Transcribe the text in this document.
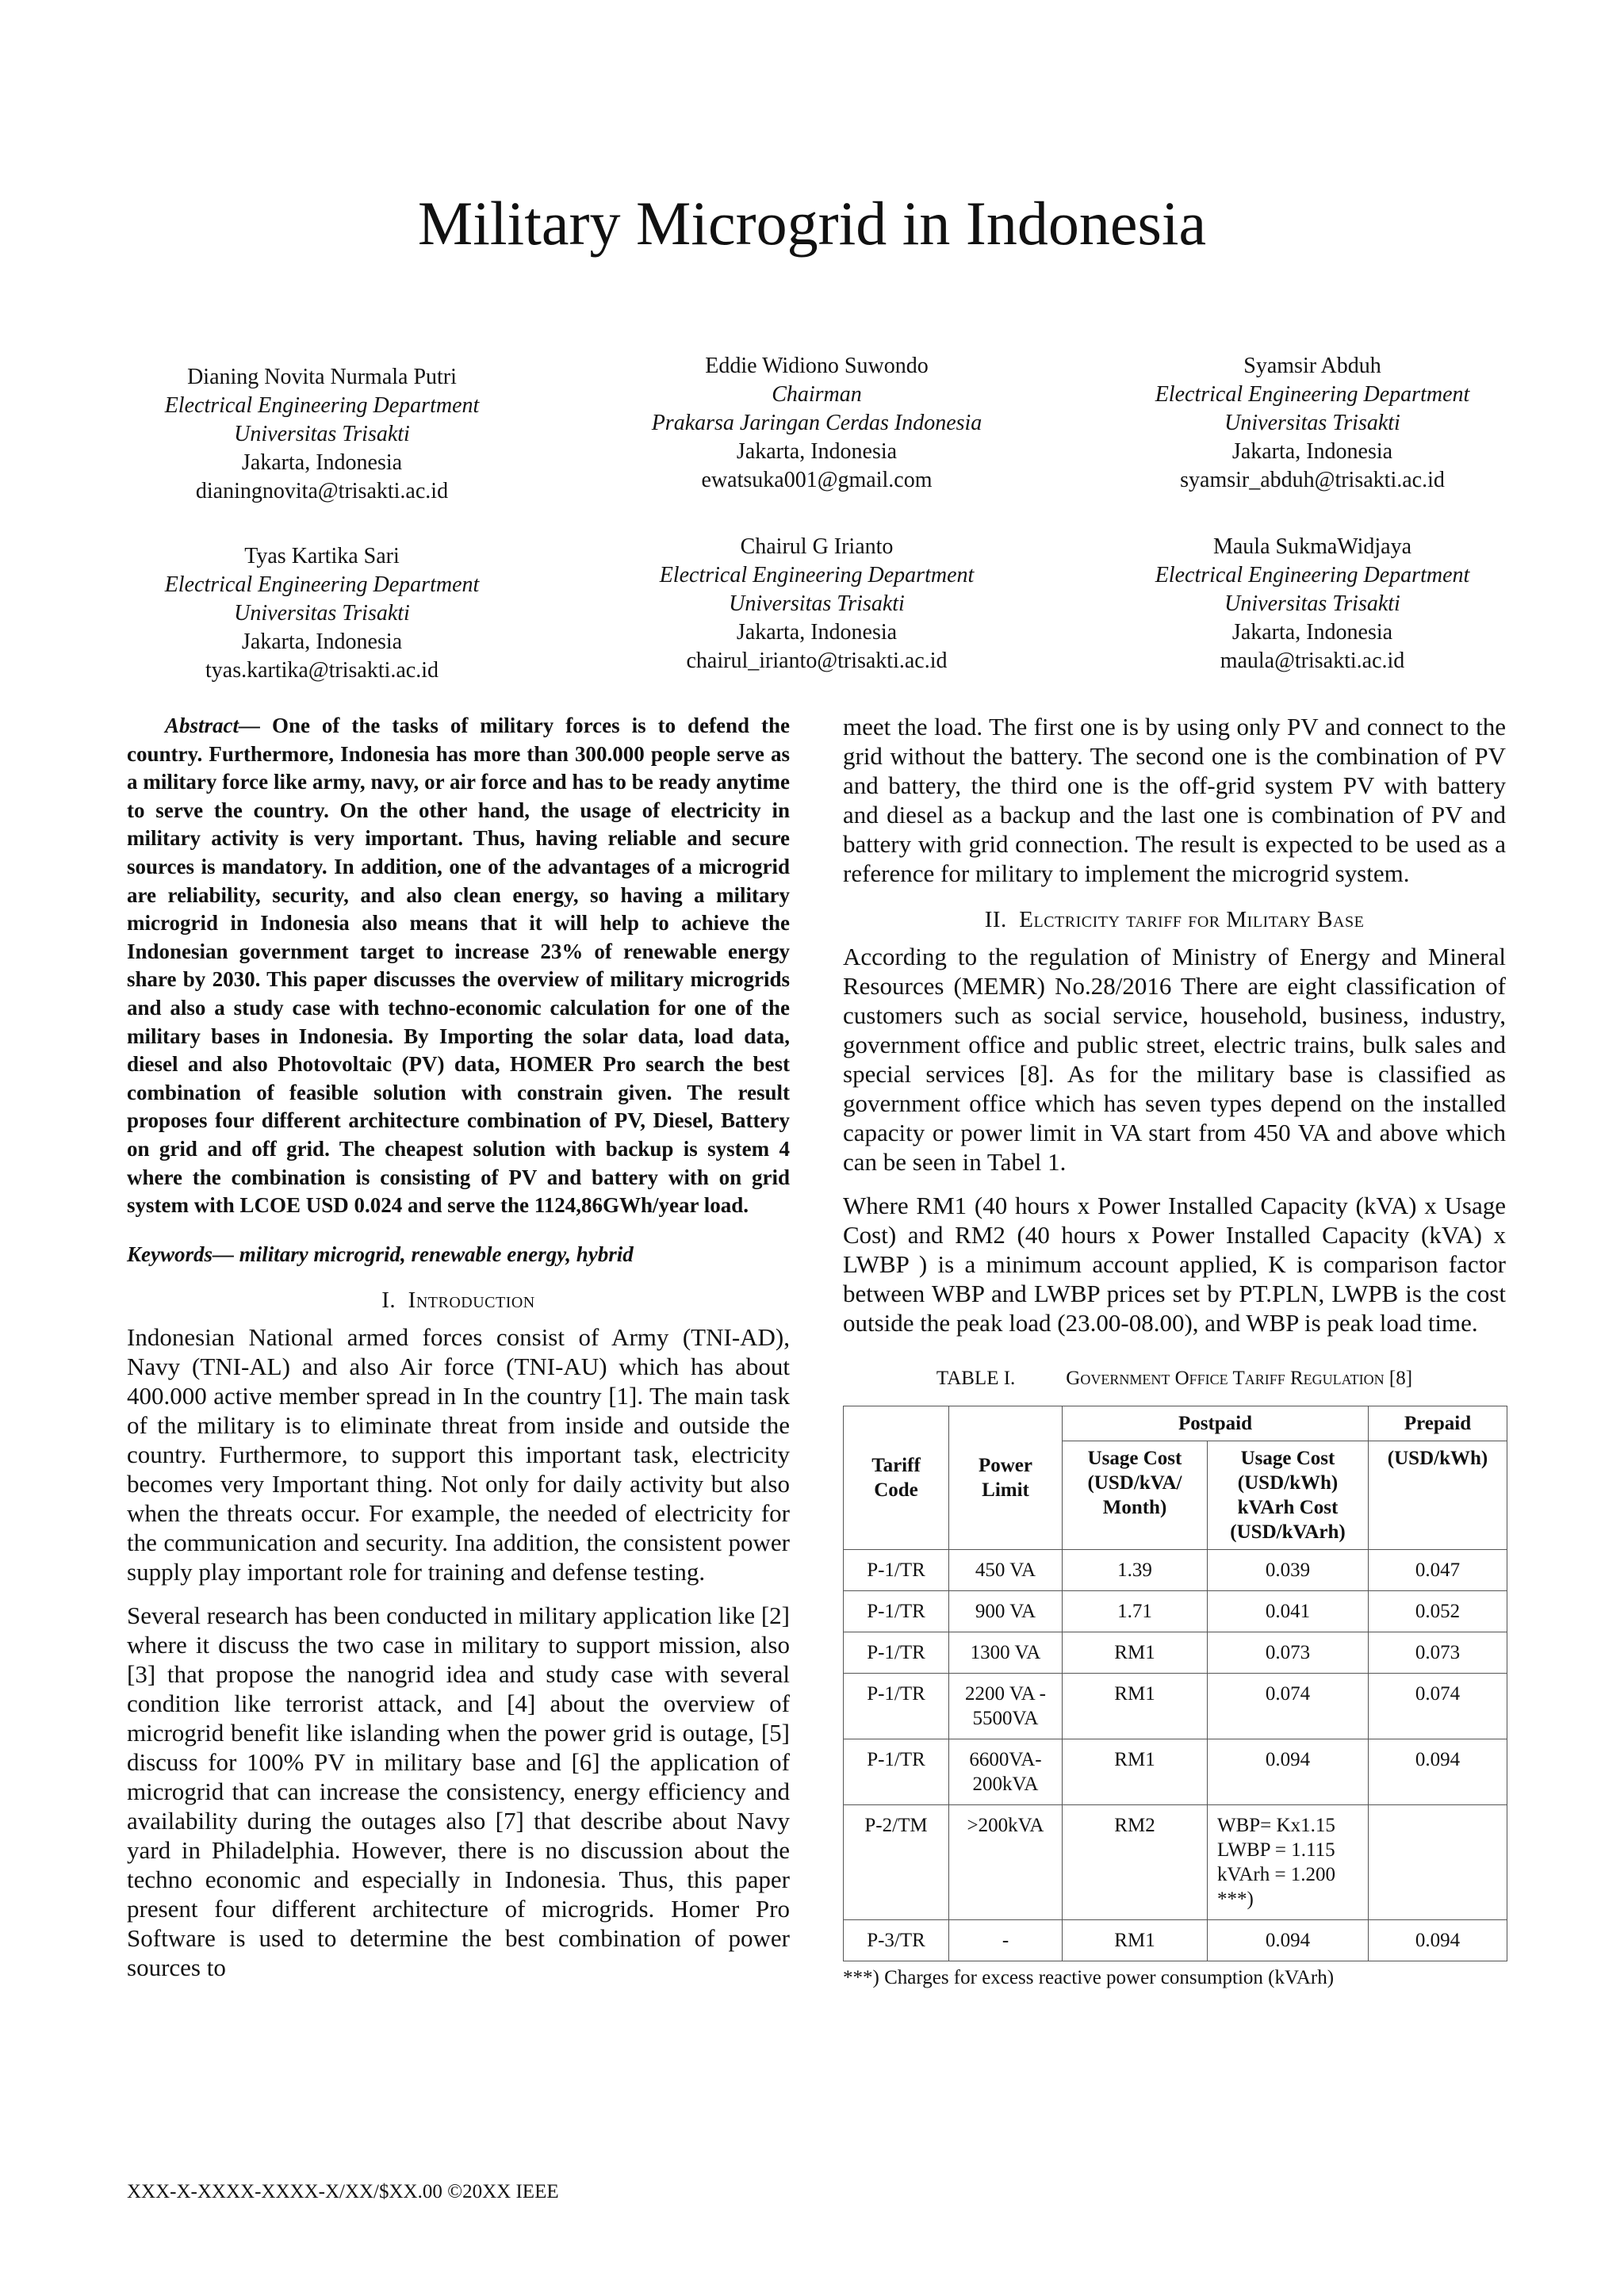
Military Microgrid in Indonesia
Dianing Novita Nurmala Putri
Electrical Engineering Department
Universitas Trisakti
Jakarta, Indonesia
dianingnovita@trisakti.ac.id
Eddie Widiono Suwondo
Chairman
Prakarsa Jaringan Cerdas Indonesia
Jakarta, Indonesia
ewatsuka001@gmail.com
Syamsir Abduh
Electrical Engineering Department
Universitas Trisakti
Jakarta, Indonesia
syamsir_abduh@trisakti.ac.id
Tyas Kartika Sari
Electrical Engineering Department
Universitas Trisakti
Jakarta, Indonesia
tyas.kartika@trisakti.ac.id
Chairul G Irianto
Electrical Engineering Department
Universitas Trisakti
Jakarta, Indonesia
chairul_irianto@trisakti.ac.id
Maula SukmaWidjaya
Electrical Engineering Department
Universitas Trisakti
Jakarta, Indonesia
maula@trisakti.ac.id

Abstract— One of the tasks of military forces is to defend the country. Furthermore, Indonesia has more than 300.000 people serve as a military force like army, navy, or air force and has to be ready anytime to serve the country. On the other hand, the usage of electricity in military activity is very important. Thus, having reliable and secure sources is mandatory. In addition, one of the advantages of a microgrid are reliability, security, and also clean energy, so having a military microgrid in Indonesia also means that it will help to achieve the Indonesian government target to increase 23% of renewable energy share by 2030. This paper discusses the overview of military microgrids and also a study case with techno-economic calculation for one of the military bases in Indonesia. By Importing the solar data, load data, diesel and also Photovoltaic (PV) data, HOMER Pro search the best combination of feasible solution with constrain given. The result proposes four different architecture combination of PV, Diesel, Battery on grid and off grid. The cheapest solution with backup is system 4 where the combination is consisting of PV and battery with on grid system with LCOE USD 0.024 and serve the 1124,86GWh/year load.

Keywords— military microgrid, renewable energy, hybrid

I. Introduction

Indonesian National armed forces consist of Army (TNI-AD), Navy (TNI-AL) and also Air force (TNI-AU) which has about 400.000 active member spread in In the country [1]. The main task of the military is to eliminate threat from inside and outside the country. Furthermore, to support this important task, electricity becomes very Important thing. Not only for daily activity but also when the threats occur. For example, the needed of electricity for the communication and security. Ina addition, the consistent power supply play important role for training and defense testing.

Several research has been conducted in military application like [2] where it discuss the two case in military to support mission, also [3] that propose the nanogrid idea and study case with several condition like terrorist attack, and [4] about the overview of microgrid benefit like islanding when the power grid is outage, [5] discuss for 100% PV in military base and [6] the application of microgrid that can increase the consistency, energy efficiency and availability during the outages also [7] that describe about Navy yard in Philadelphia. However, there is no discussion about the techno economic and especially in Indonesia. Thus, this paper present four different architecture of microgrids. Homer Pro Software is used to determine the best combination of power sources to

meet the load. The first one is by using only PV and connect to the grid without the battery. The second one is the combination of PV and battery, the third one is the off-grid system PV with battery and diesel as a backup and the last one is combination of PV and battery with grid connection. The result is expected to be used as a reference for military to implement the microgrid system.

II. Elctricity tariff for Military Base

According to the regulation of Ministry of Energy and Mineral Resources (MEMR) No.28/2016 There are eight classification of customers such as social service, household, business, industry, government office and public street, electric trains, bulk sales and special services [8]. As for the military base is classified as government office which has seven types depend on the installed capacity or power limit in VA start from 450 VA and above which can be seen in Tabel 1.

Where RM1 (40 hours x Power Installed Capacity (kVA) x Usage Cost) and RM2 (40 hours x Power Installed Capacity (kVA) x LWBP ) is a minimum account applied, K is comparison factor between WBP and LWBP prices set by PT.PLN, LWPB is the cost outside the peak load (23.00-08.00), and WBP is peak load time.

TABLE I.	Government Office Tariff Regulation [8]

Tariff Code	Power Limit	Postpaid		Prepaid
		Usage Cost (USD/kVA/ Month)	Usage Cost (USD/kWh) kVArh Cost (USD/kVArh)	(USD/kWh)
P-1/TR	450 VA	1.39	0.039	0.047
P-1/TR	900 VA	1.71	0.041	0.052
P-1/TR	1300 VA	RM1	0.073	0.073
P-1/TR	2200 VA - 5500VA	RM1	0.074	0.074
P-1/TR	6600VA- 200kVA	RM1	0.094	0.094
P-2/TM	>200kVA	RM2	WBP= Kx1.15 LWBP = 1.115 kVArh = 1.200 ***)	
P-3/TR	-	RM1	0.094	0.094

***) Charges for excess reactive power consumption (kVArh)

XXX-X-XXXX-XXXX-X/XX/$XX.00 ©20XX IEEE
